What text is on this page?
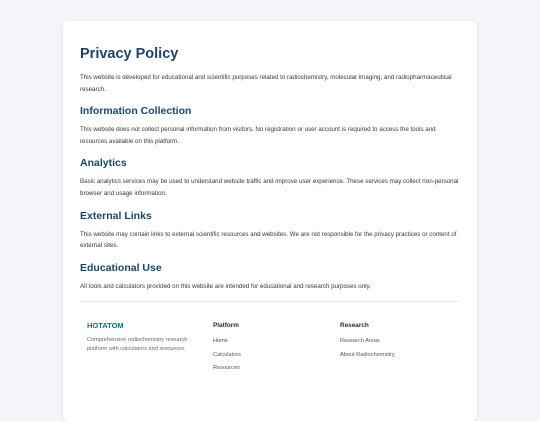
Privacy Policy

This website is developed for educational and scientific purposes related to radiochemistry, molecular imaging, and radiopharmaceutical research.

Information Collection

This website does not collect personal information from visitors. No registration or user account is required to access the tools and resources available on this platform.

Analytics

Basic analytics services may be used to understand website traffic and improve user experience. These services may collect non-personal browser and usage information.

External Links

This website may contain links to external scientific resources and websites. We are not responsible for the privacy practices or content of external sites.

Educational Use

All tools and calculators provided on this website are intended for educational and research purposes only.

HOTATOM
Comprehensive radiochemistry research platform with calculators and resources.
Platform
Home
Calculators
Resources
Research
Research Areas
About Radiochemistry
